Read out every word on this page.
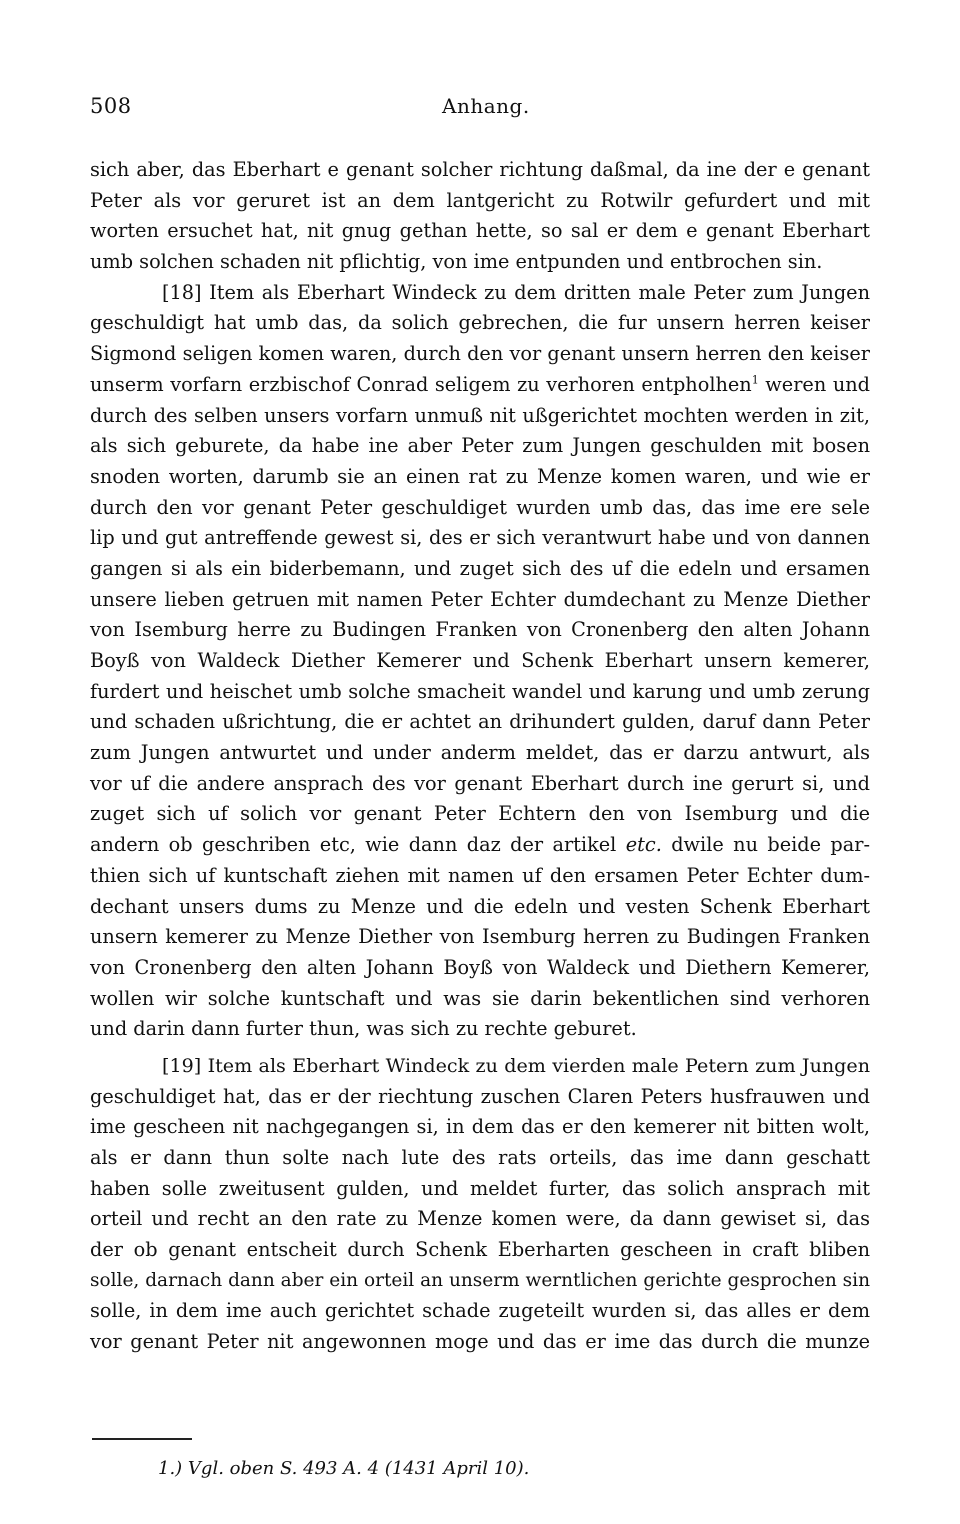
508	Anhang.
sich aber, das Eberhart e genant solcher richtung daßmal, da ine der e genant
Peter als vor geruret ist an dem lantgericht zu Rotwilr gefurdert und mit
worten ersuchet hat, nit gnug gethan hette, so sal er dem e genant Eberhart
umb solchen schaden nit pflichtig, von ime entpunden und entbrochen sin.
[18] Item als Eberhart Windeck zu dem dritten male Peter zum Jungen
geschuldigt hat umb das, da solich gebrechen, die fur unsern herren keiser
Sigmond seligen komen waren, durch den vor genant unsern herren den keiser
unserm vorfarn erzbischof Conrad seligem zu verhoren entpholhen$^1$ weren und
durch des selben unsers vorfarn unmuß nit ußgerichtet mochten werden in zit,
als sich geburete, da habe ine aber Peter zum Jungen geschulden mit bosen
snoden worten, darumb sie an einen rat zu Menze komen waren, und wie er
durch den vor genant Peter geschuldiget wurden umb das, das ime ere sele
lip und gut antreffende gewest si, des er sich verantwurt habe und von dannen
gangen si als ein biderbemann, und zuget sich des uf die edeln und ersamen
unsere lieben getruen mit namen Peter Echter dumdechant zu Menze Diether
von Isemburg herre zu Budingen Franken von Cronenberg den alten Johann
Boyß von Waldeck Diether Kemerer und Schenk Eberhart unsern kemerer,
furdert und heischet umb solche smacheit wandel und karung und umb zerung
und schaden ußrichtung, die er achtet an drihundert gulden, daruf dann Peter
zum Jungen antwurtet und under anderm meldet, das er darzu antwurt, als
vor uf die andere ansprach des vor genant Eberhart durch ine gerurt si, und
zuget sich uf solich vor genant Peter Echtern den von Isemburg und die
andern ob geschriben etc, wie dann daz der artikel etc. dwile nu beide par-
thien sich uf kuntschaft ziehen mit namen uf den ersamen Peter Echter dum-
dechant unsers dums zu Menze und die edeln und vesten Schenk Eberhart
unsern kemerer zu Menze Diether von Isemburg herren zu Budingen Franken
von Cronenberg den alten Johann Boyß von Waldeck und Diethern Kemerer,
wollen wir solche kuntschaft und was sie darin bekentlichen sind verhoren
und darin dann furter thun, was sich zu rechte geburet.
[19] Item als Eberhart Windeck zu dem vierden male Petern zum Jungen
geschuldiget hat, das er der riechtung zuschen Claren Peters husfrauwen und
ime gescheen nit nachgegangen si, in dem das er den kemerer nit bitten wolt,
als er dann thun solte nach lute des rats orteils, das ime dann geschatt
haben solle zweitusent gulden, und meldet furter, das solich ansprach mit
orteil und recht an den rate zu Menze komen were, da dann gewiset si, das
der ob genant entscheit durch Schenk Eberharten gescheen in craft bliben
solle, darnach dann aber ein orteil an unserm werntlichen gerichte gesprochen sin
solle, in dem ime auch gerichtet schade zugeteilt wurden si, das alles er dem
vor genant Peter nit angewonnen moge und das er ime das durch die munze
1.) Vgl. oben S. 493 A. 4 (1431 April 10).
